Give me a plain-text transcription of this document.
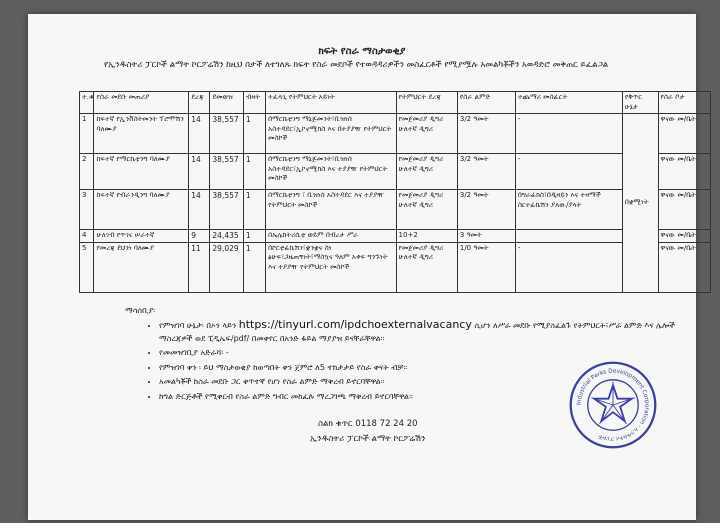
ክፍት የስራ ማስታወቂያ
የኢንዱስትሪ ፓርኮች ልማት ኮርፖሬሽን ከዚህ በታች ለተገለጹ ክፍት የስራ መደቦች የተወዳዳሪዎችን መስፈርቶች የሚያሟሉ አመልካቾችን አወዳድሮ መቅጠር ይፈልጋል
ተ.ቁ	የስራ መደቡ መጠሪያ	ደረጃ	ደመወዝ	ብዛት	ተፈላጊ የትምህርት አይነት	የትምህርት ደረጃ	የስራ ልምድ	ተጨማሪ መስፈርት	የቅጥር ሁኔታ	የስራ ቦታ
1	ከፍተኛ የኢንቨስትመንት ፕሮሞሽን ባለሙያ	14	38,557	1	በማርኬቲንግ ማኔጅመንት፣ቢዝነስ አስተዳደር፣ኢኮኖሚክስ እና በተያያዥ የትምህርት መስኮች	የመጀመሪያ ዲግሪ ሁለተኛ ዲግሪ	3/2 ዓመት	-	በቋሚነት	ዋናው መ/ቤት
2	ከፍተኛ የማርኬቲንግ ባለሙያ	14	38,557	1	በማርኬቲንግ ማኔጅመንት፣ቢዝነስ አስተዳደር፣ኢኮኖሚክስ እና ተያያዥ የትምህርት መስኮች	የመጀመሪያ ዲግሪ ሁለተኛ ዲግሪ	3/2 ዓመት	-		ዋናው መ/ቤት
3	ከፍተኛ የብራንዲንግ ባለሙያ	14	38,557	1	በማርኬቲንግ ፣ ቢዝነስ አስተዳደር እና ተያያዥ የትምህርት መስኮች	የመጀመሪያ ዲግሪ ሁለተኛ ዲግሪ	3/2 ዓመት	በግራፊክስ፣በዲዛይን እና ተዛማች ስርተፊኬሽን ያለው/ያላት		ዋናው መ/ቤት
4	ሁለገብ የጥገና ሠራተኛ	9	24,435	1	በኤሌክትሪሲቲ ወይም በብረታ ሥራ	10+2	3 ዓመት			ዋናው መ/ቤት
5	የመረጃ ደህንነ ባለሙያ	11	29,029	1	በኮርቲፊኬሽን፣ቋንቋና ስነ ፅሁፍ፣ጋዜጠኝነት፣ማስኳና ዓለም አቀፍ ግንኙነት እና ተያያዥ የትምህርት መስኮች	የመጀመሪያ ዲግሪ ሁለተኛ ዲግሪ	1/0 ዓመት	-		ዋናው መ/ቤት
ማሳሰቢያ፡
• የምዝገባ ሁኔታ፡ በኦን ላይን https://tinyurl.com/ipdchoexternalvacancy ሲሆን ለሥራ መደቡ የሚያስፈልጉ የትምህርት፣ሥራ ልምድ እና ሌሎች ማስረጃዎች ወደ ፒዲኤፍ/pdf/ በመቀየር በአንድ ፋይል ማያያዝ ይናቸራቸዋል፡፡
• የመመዝገቢያ አድራሻ፡ -
• የምዝገባ ቀን ፡ ይህ ማስታወቂያ ከወጣበት ቀን ጀምሮ ለ5 ተከታታይ የስራ ቀናት ብቻ፡፡
• አመልካቾች ከስራ መደቡ ጋር ቀጥተኛ የሆነ የስራ ልምድ ማቅረብ ይኖርባቸዋል፡፡
• ከግል ድርጅቶች የሚቀርብ የስራ ልምድ ግብር መከፈሉ ማረጋገጫ ማቅረብ ይኖርባቸዋል፡፡
ስልክ ቁጥር 0118 72 24 20
ኢንዱስትሪ ፓርኮች ልማት ኮርፖሬሽን
Industrial Parks Development Corporation · ኢንዱስትሪ ፓርኮች
